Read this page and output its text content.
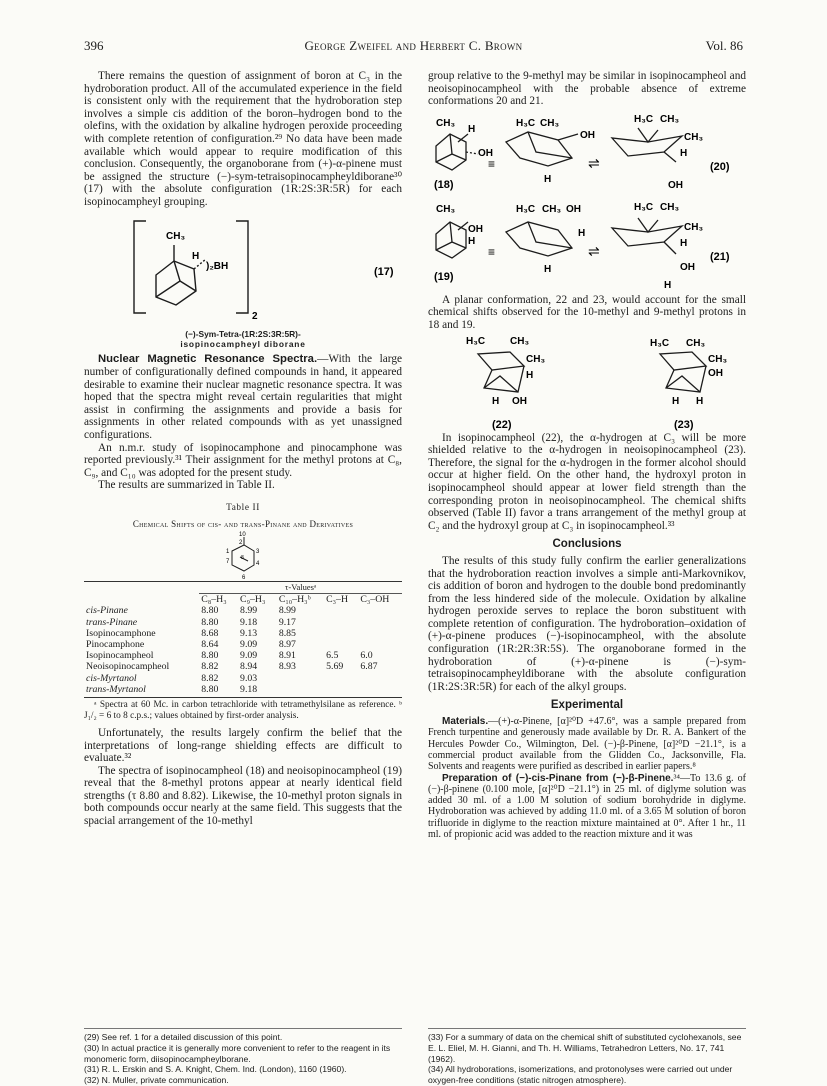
396	George Zweifel and Herbert C. Brown	Vol. 86

There remains the question of assignment of boron at C₃ in the hydroboration product. All of the accumulated experience in the field is consistent only with the requirement that the hydroboration step involves a simple cis addition of the boron–hydrogen bond to the olefins, with the oxidation by alkaline hydrogen peroxide proceeding with complete retention of configuration.²⁹ No data have been made available which would appear to require modification of this conclusion. Consequently, the organoborane from (+)-α-pinene must be assigned the structure (−)-sym-tetraisopinocampheyldiborane³⁰ (17) with the absolute configuration (1R:2S:3R:5R) for each isopinocampheyl grouping.

CH₃
H
 )₂BH
2
(17)
(−)-Sym-Tetra-(1R:2S:3R:5R)-
isopinocampheyl diborane

Nuclear Magnetic Resonance Spectra.—With the large number of configurationally defined compounds in hand, it appeared desirable to examine their nuclear magnetic resonance spectra. It was hoped that the spectra might reveal certain regularities that might assist in confirming the assignments and provide a basis for assignments in other related compounds with as yet unassigned configurations.

An n.m.r. study of isopinocamphone and pinocamphone was reported previously.³¹ Their assignment for the methyl protons at C₈, C₉, and C₁₀ was adopted for the present study.

The results are summarized in Table II.

Table II
Chemical Shifts of cis- and trans-Pinane and Derivatives
10
2
1	3
7	4
6
8
	τ-Valuesᵃ				
	C₈–H₃	C₉–H₃	C₁₀–H₃ᵇ	C₃–H	C₃–OH
cis-Pinane	8.80	8.99	8.99		
trans-Pinane	8.80	9.18	9.17		
Isopinocamphone	8.68	9.13	8.85		
Pinocamphone	8.64	9.09	8.97		
Isopinocampheol	8.80	9.09	8.91	6.5	6.0
Neoisopinocampheol	8.82	8.94	8.93	5.69	6.87
cis-Myrtanol	8.82	9.03			
trans-Myrtanol	8.80	9.18			
ᵃ Spectra at 60 Mc. in carbon tetrachloride with tetramethylsilane as reference. ᵇ J₁/₂ = 6 to 8 c.p.s.; values obtained by first-order analysis.

Unfortunately, the results largely confirm the belief that the interpretations of long-range shielding effects are difficult to evaluate.³²

The spectra of isopinocampheol (18) and neoisopinocampheol (19) reveal that the 8-methyl protons appear at nearly identical field strengths (τ 8.80 and 8.82). Likewise, the 10-methyl proton signals in both compounds occur nearly at the same field. This suggests that the spacial arrangement of the 10-methyl

(29) See ref. 1 for a detailed discussion of this point.
(30) In actual practice it is generally more convenient to refer to the reagent in its monomeric form, diisopinocampheylborane.
(31) R. L. Erskin and S. A. Knight, Chem. Ind. (London), 1160 (1960).
(32) N. Muller, private communication.

group relative to the 9-methyl may be similar in isopinocampheol and neoisopinocampheol with the probable absence of extreme conformations 20 and 21.

CH₃
H
OH
≡
H₃C CH₃
OH
H
⇌
H₃C CH₃
CH₃
H
OH
(20)
(18)
CH₃
OH
H
≡
H₃C CH₃ OH
H
H
⇌
H₃C CH₃
CH₃
H
OH
H
(21)
(19)

A planar conformation, 22 and 23, would account for the small chemical shifts observed for the 10-methyl and 9-methyl protons in 18 and 19.

H₃C CH₃
CH₃
H
OH
H
(22)
H₃C CH₃
CH₃
OH
H
H
(23)

In isopinocampheol (22), the α-hydrogen at C₃ will be more shielded relative to the α-hydrogen in neoisopinocampheol (23). Therefore, the signal for the α-hydrogen in the former alcohol should occur at higher field. On the other hand, the hydroxyl proton in isopinocampheol should appear at lower field strength than the corresponding proton in neoisopinocampheol. The chemical shifts observed (Table II) favor a trans arrangement of the methyl group at C₂ and the hydroxyl group at C₃ in isopinocampheol.³³

Conclusions

The results of this study fully confirm the earlier generalizations that the hydroboration reaction involves a simple anti-Markovnikov, cis addition of boron and hydrogen to the double bond predominantly from the less hindered side of the molecule. Oxidation by alkaline hydrogen peroxide serves to replace the boron substituent with complete retention of configuration. The hydroboration–oxidation of (+)-α-pinene produces (−)-isopinocampheol, with the absolute configuration (1R:2R:3R:5S). The organoborane formed in the hydroboration of (+)-α-pinene is (−)-sym-tetraisopinocampheyldiborane with the absolute configuration (1R:2S:3R:5R) for each of the alkyl groups.

Experimental

Materials.—(+)-α-Pinene, [α]²⁰D +47.6°, was a sample prepared from French turpentine and generously made available by Dr. R. A. Bankert of the Hercules Powder Co., Wilmington, Del. (−)-β-Pinene, [α]²⁰D −21.1°, is a commercial product available from the Glidden Co., Jacksonville, Fla. Solvents and reagents were purified as described in earlier papers.⁸

Preparation of (−)-cis-Pinane from (−)-β-Pinene.³⁴—To 13.6 g. of (−)-β-pinene (0.100 mole, [α]²⁰D −21.1°) in 25 ml. of diglyme solution was added 30 ml. of a 1.00 M solution of sodium borohydride in diglyme. Hydroboration was achieved by adding 11.0 ml. of a 3.65 M solution of boron trifluoride in diglyme to the reaction mixture maintained at 0°. After 1 hr., 11 ml. of propionic acid was added to the reaction mixture and it was

(33) For a summary of data on the chemical shift of substituted cyclohexanols, see E. L. Eliel, M. H. Gianni, and Th. H. Williams, Tetrahedron Letters, No. 17, 741 (1962).
(34) All hydroborations, isomerizations, and protonolyses were carried out under oxygen-free conditions (static nitrogen atmosphere).
